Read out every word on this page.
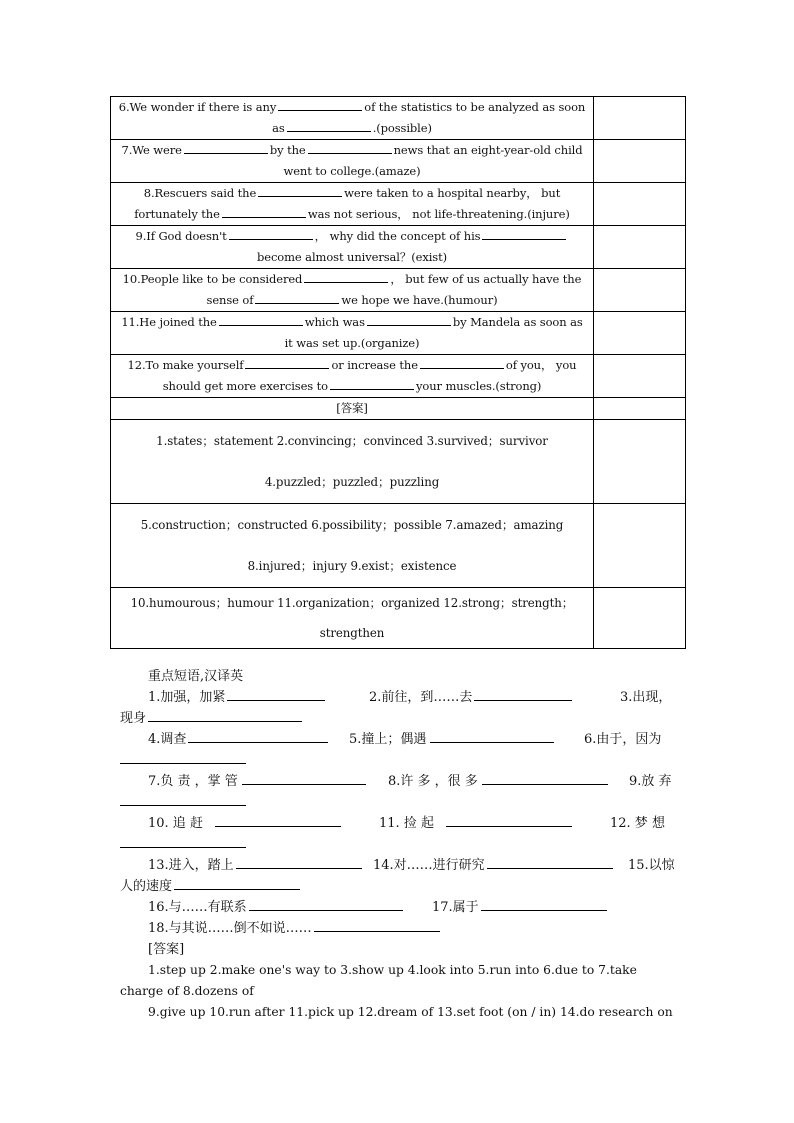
6.We wonder if there is any of the statistics to be analyzed as soon
as .(possible)	
7.We were by the news that an eight-year-old child
went to college.(amaze)	
8.Rescuers said the were taken to a hospital nearby， but
fortunately the was not serious， not life-threatening.(injure)	
9.If God doesn't ， why did the concept of his
become almost universal？(exist)	
10.People like to be considered ， but few of us actually have the
sense of we hope we have.(humour)	
11.He joined the which was by Mandela as soon as
it was set up.(organize)	
12.To make yourself or increase the of you， you
should get more exercises to your muscles.(strong)	
[答案]	

1.states；statement 2.convincing；convinced 3.survived；survivor
4.puzzled；puzzled；puzzling	

5.construction；constructed 6.possibility；possible 7.amazed；amazing
8.injured；injury 9.exist；existence	

10.humourous；humour 11.organization；organized 12.strong；strength；
strengthen	

重点短语,汉译英
1.加强，加紧	2.前往，到……去	3.出现，
现身
4.调查	5.撞上；偶遇	6.由于，因为
7.负 责 ，掌 管	8.许 多 ，很 多	9.放 弃
10. 追 赶	11. 捡 起	12. 梦 想
13.进入，踏上	14.对……进行研究	15.以惊
人的速度
16.与……有联系	17.属于
18.与其说……倒不如说……
[答案]
1.step up 2.make one's way to 3.show up 4.look into 5.run into 6.due to 7.take
charge of 8.dozens of
9.give up 10.run after 11.pick up 12.dream of 13.set foot (on / in) 14.do research on
